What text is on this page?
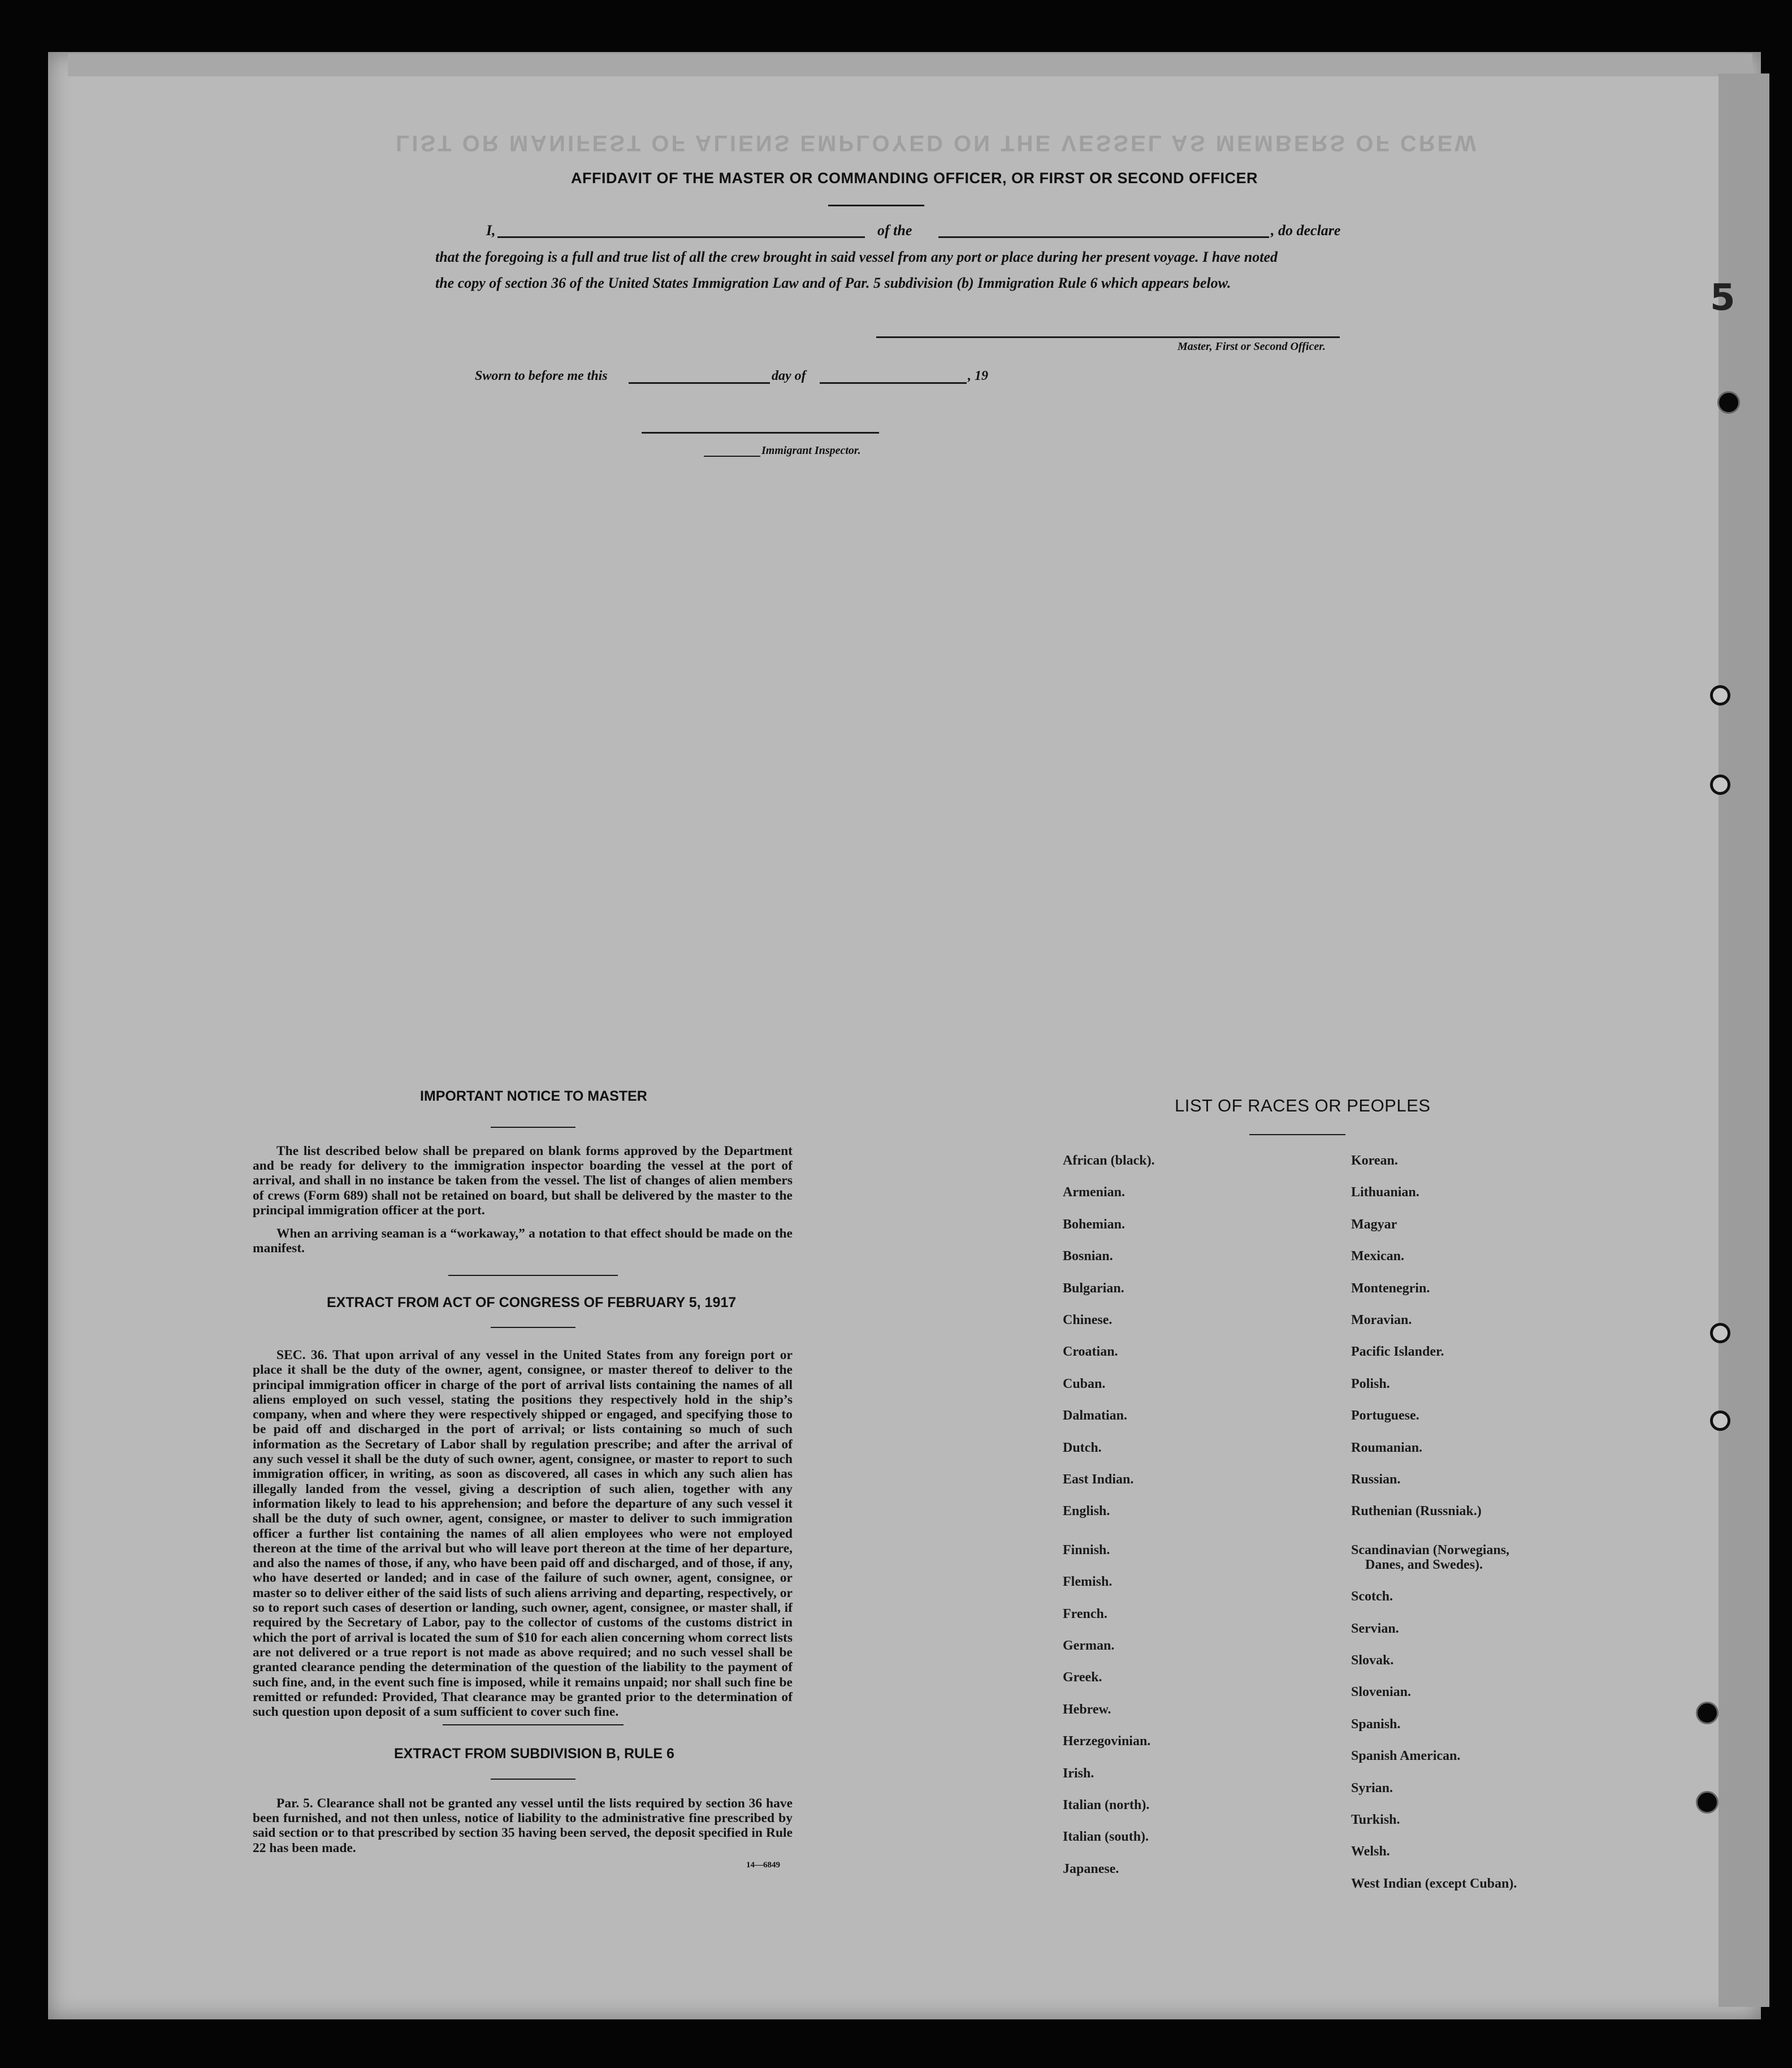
LIST OR MANIFEST OF ALIENS EMPLOYED ON THE VESSEL AS MEMBERS OF CREW
AFFIDAVIT OF THE MASTER OR COMMANDING OFFICER, OR FIRST OR SECOND OFFICER
I,	of the	, do declare
that the foregoing is a full and true list of all the crew brought in said vessel from any port or place during her present voyage. I have noted
the copy of section 36 of the United States Immigration Law and of Par. 5 subdivision (b) Immigration Rule 6 which appears below.
Master, First or Second Officer.
Sworn to before me this	day of	, 19
Immigrant Inspector.
IMPORTANT NOTICE TO MASTER
The list described below shall be prepared on blank forms approved by the Department and be ready for delivery to the immigration inspector boarding the vessel at the port of arrival, and shall in no instance be taken from the vessel. The list of changes of alien members of crews (Form 689) shall not be retained on board, but shall be delivered by the master to the principal immigration officer at the port.
When an arriving seaman is a “workaway,” a notation to that effect should be made on the manifest.
EXTRACT FROM ACT OF CONGRESS OF FEBRUARY 5, 1917
SEC. 36. That upon arrival of any vessel in the United States from any foreign port or place it shall be the duty of the owner, agent, consignee, or master thereof to deliver to the principal immigration officer in charge of the port of arrival lists containing the names of all aliens employed on such vessel, stating the positions they respectively hold in the ship’s company, when and where they were respectively shipped or engaged, and specifying those to be paid off and discharged in the port of arrival; or lists containing so much of such information as the Secretary of Labor shall by regulation prescribe; and after the arrival of any such vessel it shall be the duty of such owner, agent, consignee, or master to report to such immigration officer, in writing, as soon as discovered, all cases in which any such alien has illegally landed from the vessel, giving a description of such alien, together with any information likely to lead to his apprehension; and before the departure of any such vessel it shall be the duty of such owner, agent, consignee, or master to deliver to such immigration officer a further list containing the names of all alien employees who were not employed thereon at the time of the arrival but who will leave port thereon at the time of her departure, and also the names of those, if any, who have been paid off and discharged, and of those, if any, who have deserted or landed; and in case of the failure of such owner, agent, consignee, or master so to deliver either of the said lists of such aliens arriving and departing, respectively, or so to report such cases of desertion or landing, such owner, agent, consignee, or master shall, if required by the Secretary of Labor, pay to the collector of customs of the customs district in which the port of arrival is located the sum of $10 for each alien concerning whom correct lists are not delivered or a true report is not made as above required; and no such vessel shall be granted clearance pending the determination of the question of the liability to the payment of such fine, and, in the event such fine is imposed, while it remains unpaid; nor shall such fine be remitted or refunded: Provided, That clearance may be granted prior to the determination of such question upon deposit of a sum sufficient to cover such fine.
EXTRACT FROM SUBDIVISION B, RULE 6
Par. 5. Clearance shall not be granted any vessel until the lists required by section 36 have been furnished, and not then unless, notice of liability to the administrative fine prescribed by said section or to that prescribed by section 35 having been served, the deposit specified in Rule 22 has been made.
14—6849
LIST OF RACES OR PEOPLES
African (black).
Armenian.
Bohemian.
Bosnian.
Bulgarian.
Chinese.
Croatian.
Cuban.
Dalmatian.
Dutch.
East Indian.
English.
Finnish.
Flemish.
French.
German.
Greek.
Hebrew.
Herzegovinian.
Irish.
Italian (north).
Italian (south).
Japanese.
Korean.
Lithuanian.
Magyar
Mexican.
Montenegrin.
Moravian.
Pacific Islander.
Polish.
Portuguese.
Roumanian.
Russian.
Ruthenian (Russniak.)
Scandinavian (Norwegians,
Danes, and Swedes).
Scotch.
Servian.
Slovak.
Slovenian.
Spanish.
Spanish American.
Syrian.
Turkish.
Welsh.
West Indian (except Cuban).
5
